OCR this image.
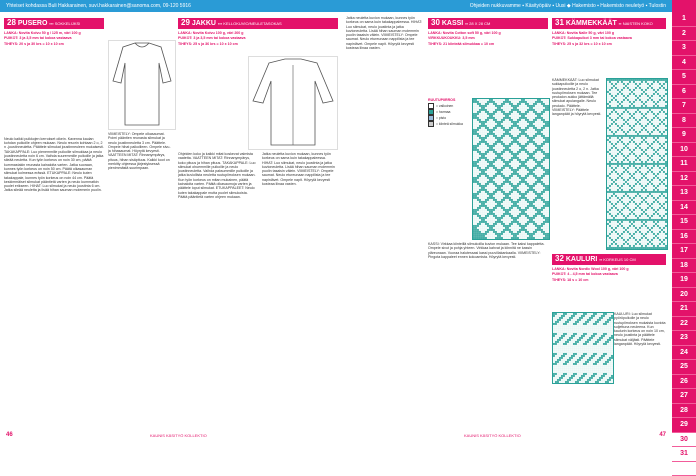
Yhteiset kohdassa Buli Hakkarainen, suvi.hakkarainen@sanoma.com, 09-120 5916	Ohjeiden nukkuvamme ▪ Käsityöpäiv ▪ Uusi ◆ Hakemisto ▪ Hakemisto neuletyö ▪ Tulostin
1
2
3
4
5
6
7
8
9
10
11
12
13
14
15
16
17
18
19
20
21
22
23
24
25
26
27
28
29
30
31
32
28 PUSERO ▪▪▪ SOKKELIJKSI
LANKA: Novita Koivu 50 g / 125 m, väri 100 g
PUIKOT: 3 ja 3,5 mm tai kokoa vastaava
TIHEYS: 20 s ja 30 krs = 10 x 10 cm
Neulo kaikki puikkojen kerrokset oikein. Kavenna kaulan kohdan puikoille ohjeen mukaan. Neulo resorin kohtaan 2 o, 2 n -joustinneuletta. Päättele silmukat joustinneuleen mukaisesti. TAKAKAPPALE: Luo pienemmille puikoille silmukkaa ja neulo joustinneuletta noin 6 cm. Vaihda suuremmille puikoille ja jatka sileää neuletta. Kun työn korkeus on noin 30 cm, päätä kummastakin reunasta kainaloita varten. Jatka suoraan, kunnes työn korkeus on noin 50 cm. Päätä olkasauman silmukat kolmessa erässä. ETUKAPPALE: Neulo kuten takakappale, kunnes työn korkeus on noin 44 cm. Päätä keskimmäiset silmukat pääntietä varten ja neulo kummatkin puolet erikseen. HIHAT: Luo silmukat ja neulo joustinta 6 cm. Jatka sileää neuletta ja lisää hihan sauman molemmin puolin.
VIIMEISTELY: Ompele olkasaumat. Poimi pääntien reunasta silmukat ja neulo joustinneuletta 3 cm. Päättele. Ompele hihat paikoilleen. Ompele sivu- ja hihasaumat. Höyrytä kevyesti. VAATTEEN MITAT: Rinnanympärys, pituus, hihan sisäpituus. Kaikki koot on merkitty ohjeessa järjestyksessä pienimmästä suurimpaan.
29 JAKKU ▪▪▪ KELLOKUVIO/NEULETASOKAS
LANKA: Novita Koivu 100 g, väri 200 g
PUIKOT: 3 ja 3,5 mm tai kokoa vastaava
TIHEYS: 25 s ja 36 krs = 10 x 10 cm
Ohjeiden koko ja kaikki mitat koskevat valmista vaatetta. VAATTEEN MITAT: Rinnanympärys, koko pituus ja hihan pituus. TAKAKAPPALE: Luo silmukat ohuemmille puikoille ja neulo joustinneuletta. Vaihda paksummille puikoille ja jatka kuviollista neuletta ruutupiirroksen mukaan. Kun työn korkeus on mitan mukainen, päätä kainaloita varten. Päätä olkasaumoja varten ja päättele loput silmukat. ETUKAPPALEET: Neulo kuten takakappale mutta puolet silmukoista. Päätä pääntietä varten ohjeen mukaan.
Jatka neuletta kuvion mukaan, kunnes työn korkeus on sama kuin takakappaleessa. HIHAT: Luo silmukat, neulo joustinta ja jatka kuvioneuletta. Lisää hihan sauman molemmin puolin tasaisin välein. VIIMEISTELY: Ompele saumat. Neulo etureunaan nappilista ja tee napinlävet. Ompele napit. Höyrytä kevyesti kosteaa liinaa vasten.
KAUNIS KÄSITYÖ KOLLEKTIO
46
Jatka neuletta kuvion mukaan, kunnes työn korkeus on sama kuin takakappaleessa. HIHAT: Luo silmukat, neulo joustinta ja jatka kuvioneuletta. Lisää hihan sauman molemmin puolin tasaisin välein. VIIMEISTELY: Ompele saumat. Neulo etureunaan nappilista ja tee napinlävet. Ompele napit. Höyrytä kevyesti kosteaa liinaa vasten.
30 KASSI ▪▪ 28 X 28 CM
LANKA: Novita Cotton soft 50 g, väri 100 g
VIRKKUUKOUKKU: 3,5 mm
TIHEYS: 21 kiinteää silmukkaa = 10 cm
RUUTUPIIRROS
= valkoinen
= harmaa
= pisto
= kiinteä silmukka
KASSI: Virkkaa kiinteillä silmukoilla kuvion mukaan. Tee kaksi kappaletta. Ompele sivut ja pohja yhteen. Virkkaa kahvat ja kiinnitä ne kassin yläreunaan. Vuoraa halutessasi kassi puuvillakankaalla. VIIMEISTELY: Pingota kappaleet ennen kokoamista. Höyrytä kevyesti.
31 KÄMMEKKÄÄT ▪▪ NAISTEN KOKO
LANKA: Novita Nalle 50 g, väri 100 g
PUIKOT: Sukkapuikot 3 mm tai kokoa vastaava
TIHEYS: 25 s ja 32 krs = 10 x 10 cm
KÄMMEKKÄÄT: Luo silmukat sukkapuikoille ja neulo joustinneuletta 2 o, 2 n. Jatka ruutupiirroksen mukaan. Tee peukalon aukko jättämällä silmukat apulangalle. Neulo peukalo. Päättele. VIIMEISTELY: Päättele langanpäät ja höyrytä kevyesti.
32 KAULURI ▪▪ KORKEUS 10 CM
LANKA: Novita Nordic Wool 100 g, väri 100 g
PUIKOT: 4 - 4,5 mm tai kokoa vastaava
TIHEYS: 18 s = 10 cm
KAULURI: Luo silmukat pyöröpuikolle ja neulo ruutupiirroksen mukaista kuviota suljettuna neuleena. Kun kaulurin korkeus on noin 10 cm, neulo joustinta ja päättele silmukat väljästi. Päättele langanpäät. Höyrytä kevyesti.
KAUNIS KÄSITYÖ KOLLEKTIO	47
